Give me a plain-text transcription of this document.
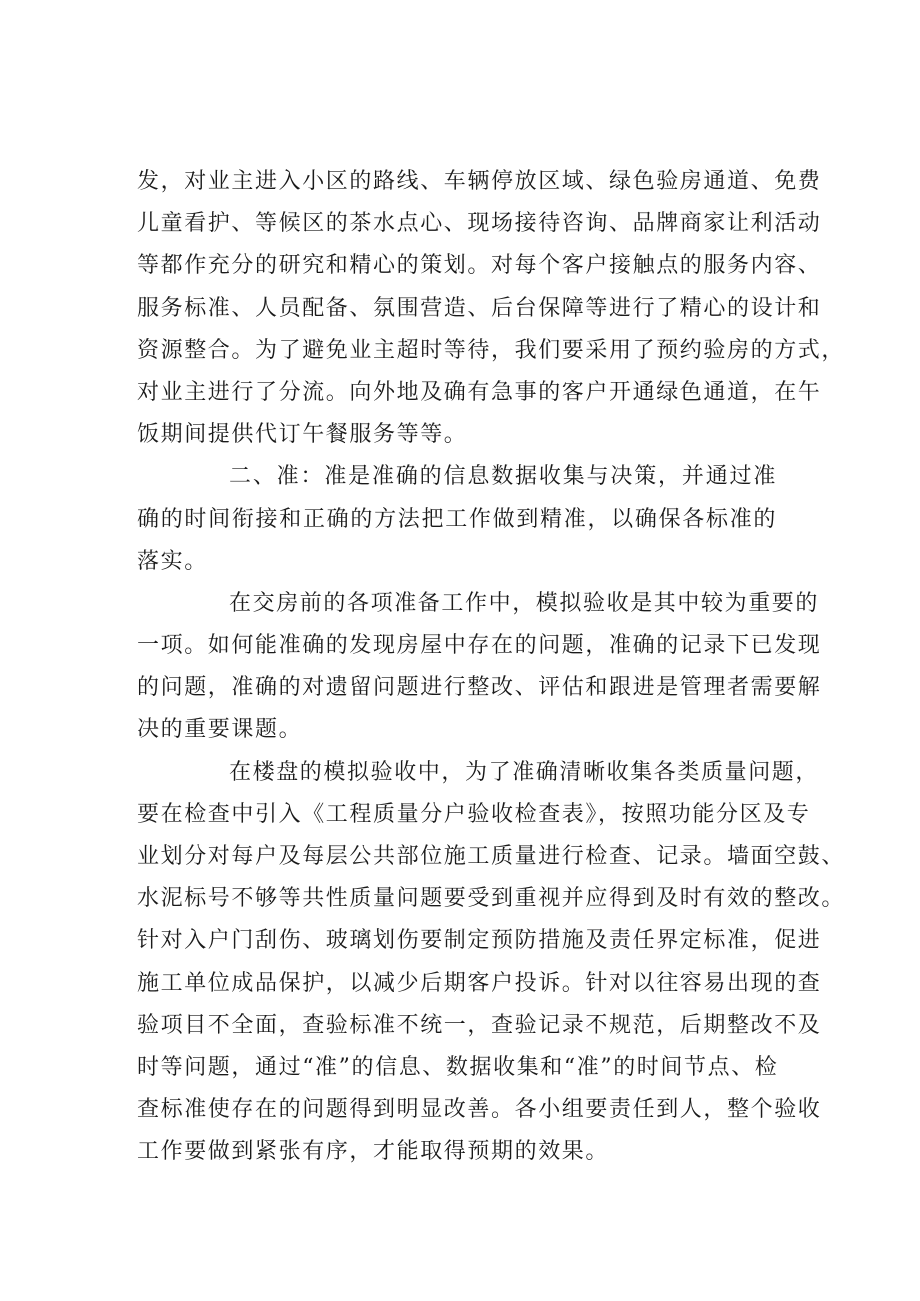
发，对业主进入小区的路线、车辆停放区域、绿色验房通道、免费
儿童看护、等候区的茶水点心、现场接待咨询、品牌商家让利活动
等都作充分的研究和精心的策划。对每个客户接触点的服务内容、
服务标准、人员配备、氛围营造、后台保障等进行了精心的设计和
资源整合。为了避免业主超时等待，我们要采用了预约验房的方式，
对业主进行了分流。向外地及确有急事的客户开通绿色通道，在午
饭期间提供代订午餐服务等等。
二、准：准是准确的信息数据收集与决策，并通过准
确的时间衔接和正确的方法把工作做到精准，以确保各标准的
落实。
在交房前的各项准备工作中，模拟验收是其中较为重要的
一项。如何能准确的发现房屋中存在的问题，准确的记录下已发现
的问题，准确的对遗留问题进行整改、评估和跟进是管理者需要解
决的重要课题。
在楼盘的模拟验收中，为了准确清晰收集各类质量问题，
要在检查中引入《工程质量分户验收检查表》，按照功能分区及专
业划分对每户及每层公共部位施工质量进行检查、记录。墙面空鼓、
水泥标号不够等共性质量问题要受到重视并应得到及时有效的整改。
针对入户门刮伤、玻璃划伤要制定预防措施及责任界定标准，促进
施工单位成品保护，以减少后期客户投诉。针对以往容易出现的查
验项目不全面，查验标准不统一，查验记录不规范，后期整改不及
时等问题，通过“准”的信息、数据收集和“准”的时间节点、检
查标准使存在的问题得到明显改善。各小组要责任到人，整个验收
工作要做到紧张有序，才能取得预期的效果。
